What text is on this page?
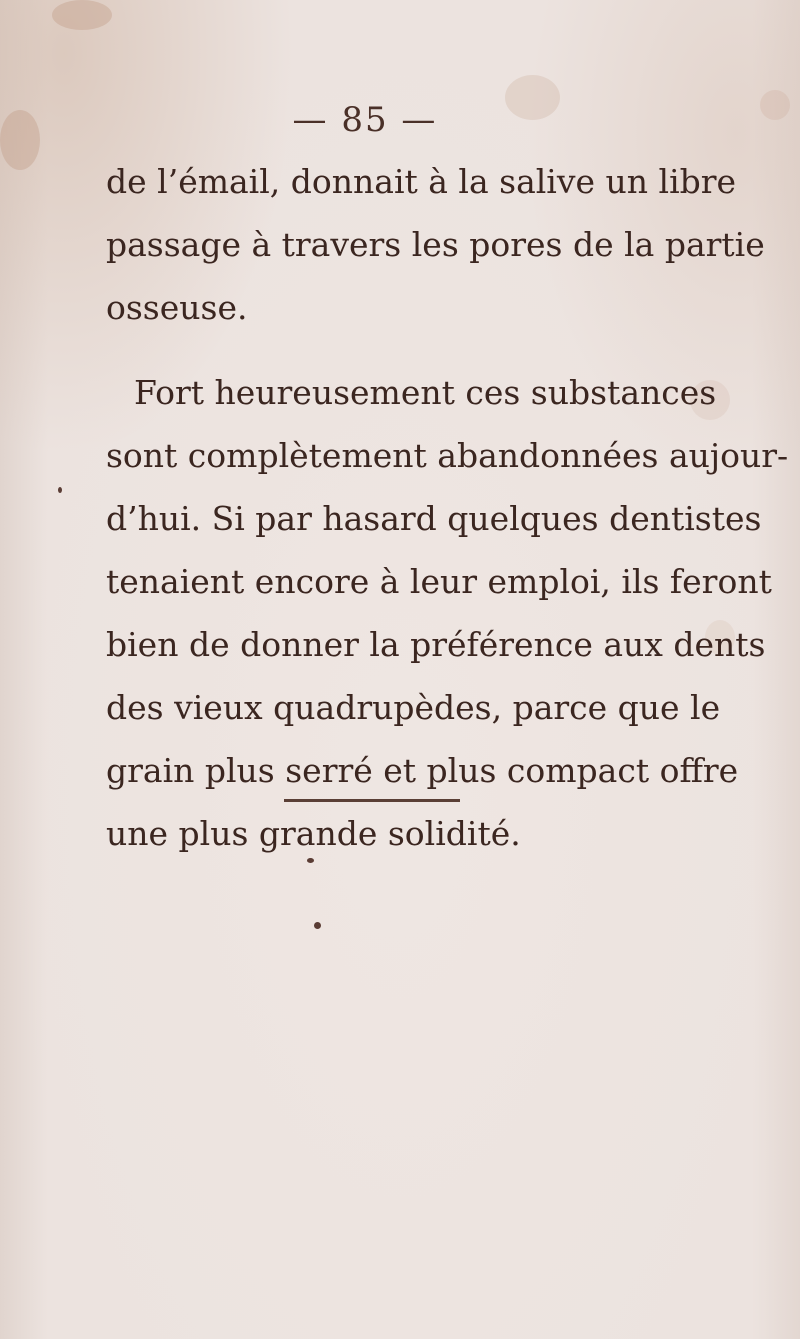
— 85 —
de l’émail, donnait à la salive un libre
passage à travers les pores de la partie
osseuse.
Fort heureusement ces substances
sont complètement abandonnées aujour-
d’hui. Si par hasard quelques dentistes
tenaient encore à leur emploi, ils feront
bien de donner la préférence aux dents
des vieux quadrupèdes, parce que le
grain plus serré et plus compact offre
une plus grande solidité.
